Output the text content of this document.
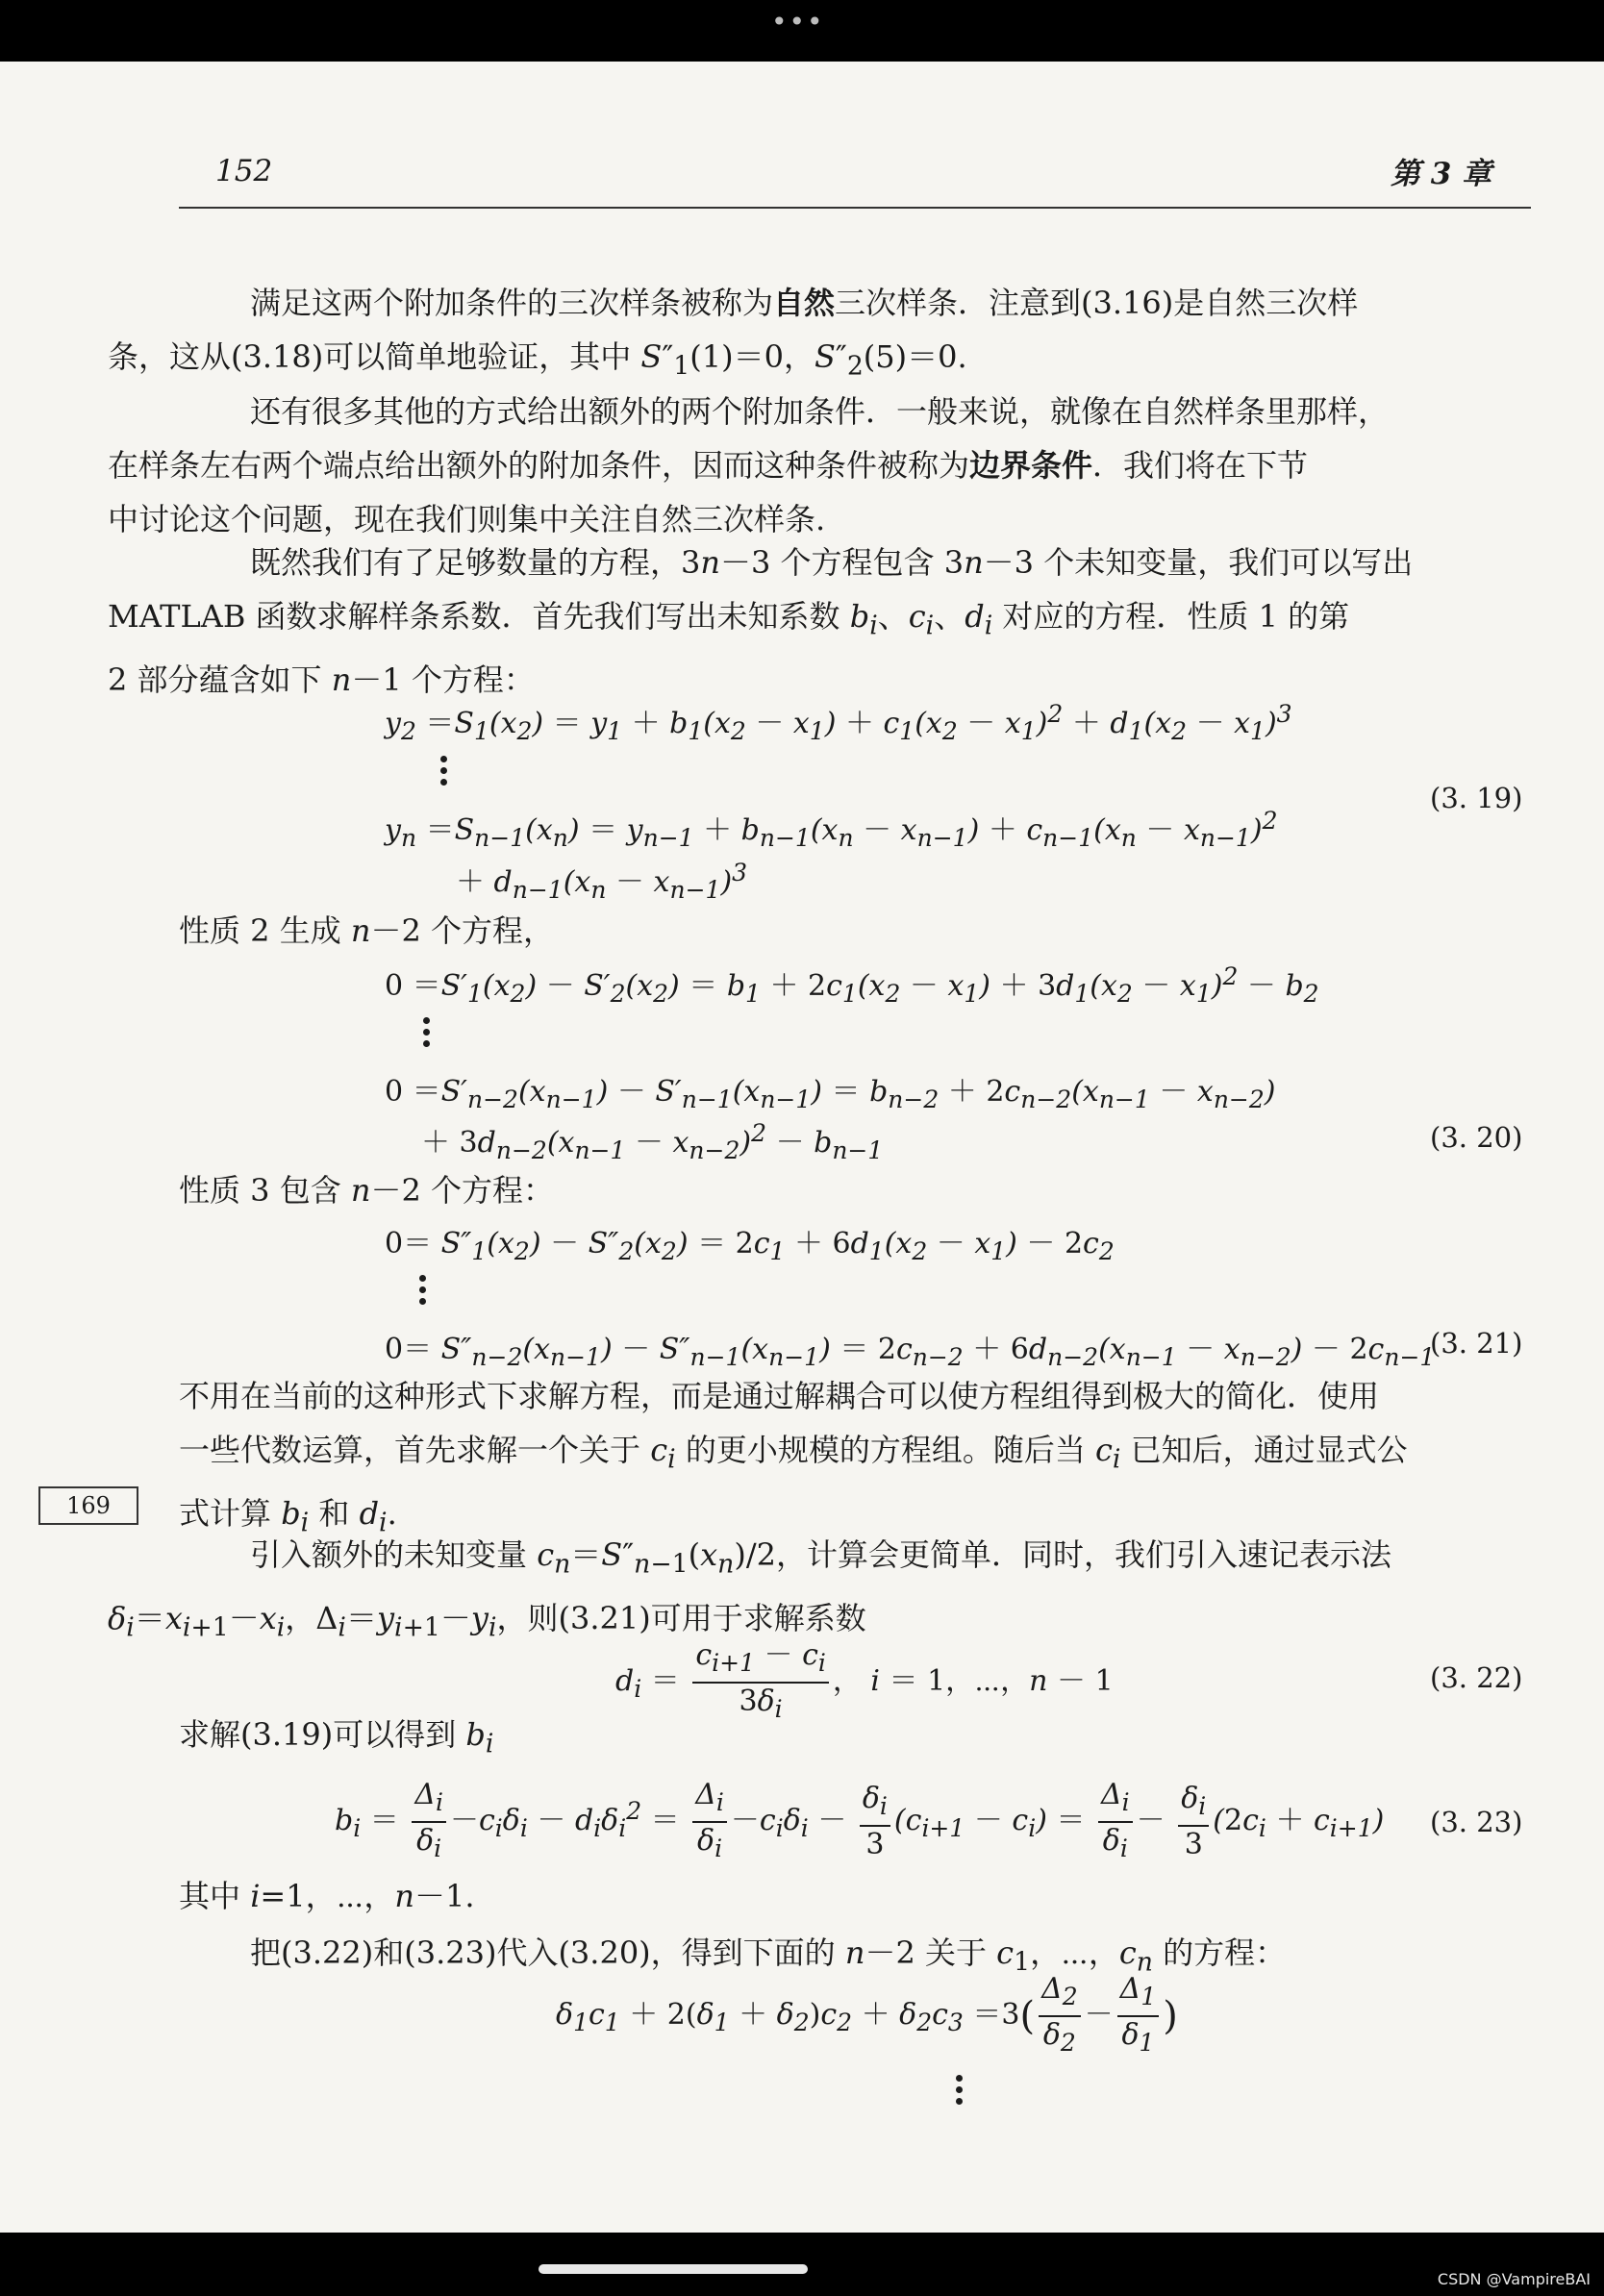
•••
152	第 3 章
满足这两个附加条件的三次样条被称为自然三次样条．注意到(3.16)是自然三次样
条，这从(3.18)可以简单地验证，其中 $S''_1(1)=0$，$S''_2(5)=0$.
还有很多其他的方式给出额外的两个附加条件．一般来说，就像在自然样条里那样，
在样条左右两个端点给出额外的附加条件，因而这种条件被称为边界条件．我们将在下节
中讨论这个问题，现在我们则集中关注自然三次样条.
既然我们有了足够数量的方程，3n－3 个方程包含 3n－3 个未知变量，我们可以写出
MATLAB 函数求解样条系数．首先我们写出未知系数 $b_i$、$c_i$、$d_i$ 对应的方程．性质 1 的第
2 部分蕴含如下 n－1 个方程：
$y_2 =S_1(x_2) = y_1 + b_1(x_2 - x_1) + c_1(x_2 - x_1)^2 + d_1(x_2 - x_1)^3$
$y_n =S_{n-1}(x_n) = y_{n-1} + b_{n-1}(x_n - x_{n-1}) + c_{n-1}(x_n - x_{n-1})^2$
＋ $d_{n-1}(x_n - x_{n-1})^3$
(3. 19)
性质 2 生成 n－2 个方程，
$0 =S'_1(x_2) - S'_2(x_2) = b_1 + 2c_1(x_2 - x_1) + 3d_1(x_2 - x_1)^2 - b_2$
$0 =S'_{n-2}(x_{n-1}) - S'_{n-1}(x_{n-1}) = b_{n-2} + 2c_{n-2}(x_{n-1} - x_{n-2})$
＋ $3d_{n-2}(x_{n-1} - x_{n-2})^2 - b_{n-1}$	(3. 20)
性质 3 包含 n－2 个方程：
$0= S''_1(x_2) - S''_2(x_2) = 2c_1 + 6d_1(x_2 - x_1) - 2c_2$
$0= S''_{n-2}(x_{n-1}) - S''_{n-1}(x_{n-1}) = 2c_{n-2} + 6d_{n-2}(x_{n-1} - x_{n-2}) - 2c_{n-1}$
(3. 21)
不用在当前的这种形式下求解方程，而是通过解耦合可以使方程组得到极大的简化．使用
一些代数运算，首先求解一个关于 $c_i$ 的更小规模的方程组。随后当 $c_i$ 已知后，通过显式公
式计算 $b_i$ 和 $d_i$.
169
引入额外的未知变量 $c_n=S''_{n-1}(x_n)/2$，计算会更简单．同时，我们引入速记表示法
$\delta_i=x_{i+1}-x_i$，$\Delta_i=y_{i+1}-y_i$，则(3.21)可用于求解系数
$d_i = \frac{c_{i+1} - c_i}{3\delta_i}$ ， i ＝ 1，⋯，n － 1	(3. 22)
求解(3.19)可以得到 $b_i$
$b_i = \frac{\Delta_i}{\delta_i} -c_i\delta_i - d_i\delta_i^2 = \frac{\Delta_i}{\delta_i} -c_i\delta_i - \frac{\delta_i}{3} (c_{i+1} - c_i) = \frac{\Delta_i}{\delta_i} - \frac{\delta_i}{3} (2c_i + c_{i+1})$ (3. 23)
其中 i=1，⋯，n－1.
把(3.22)和(3.23)代入(3.20)，得到下面的 n－2 关于 $c_1$，⋯，$c_n$ 的方程：
$\delta_1c_1 + 2(\delta_1 + \delta_2)c_2 + \delta_2c_3 =3( \frac{\Delta_2}{\delta_2} - \frac{\Delta_1}{\delta_1}$ )
CSDN @VampireBAI
